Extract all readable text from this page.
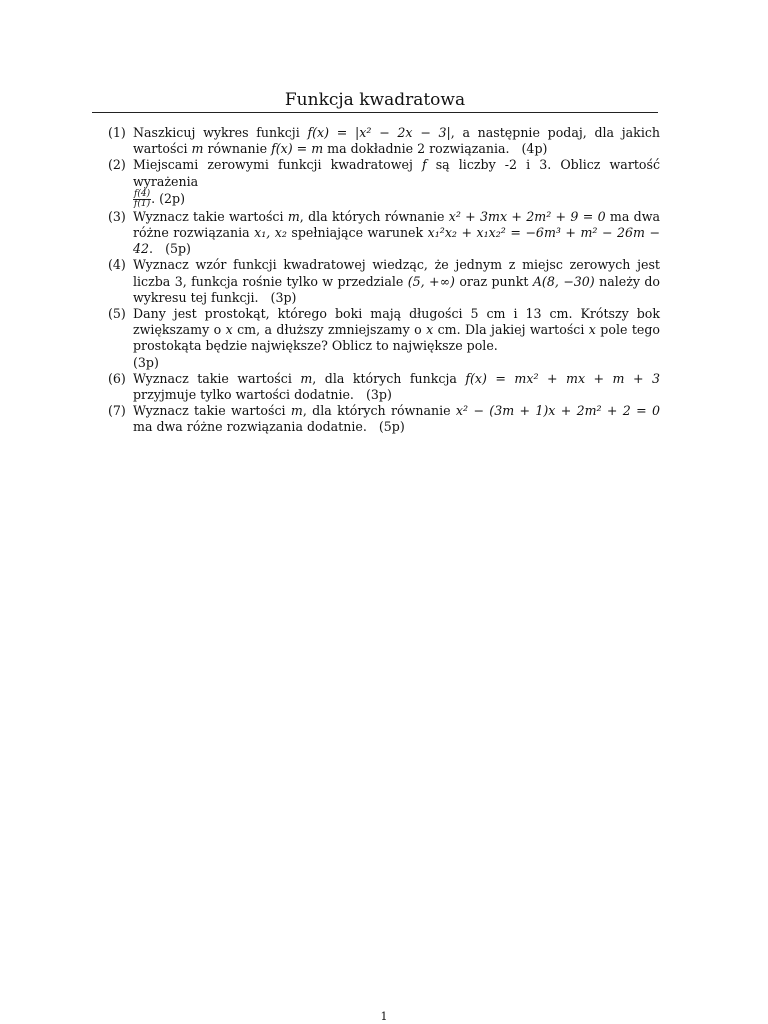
Funkcja kwadratowa
(1) Naszkicuj wykres funkcji f(x) = |x² − 2x − 3|, a następnie podaj, dla jakich wartości m równanie f(x) = m ma dokładnie 2 rozwiązania. (4p)
(2) Miejscami zerowymi funkcji kwadratowej f są liczby -2 i 3. Oblicz wartość wyrażenia

$\frac{f(4)}{f(1)}$ . (2p)
(3) Wyznacz takie wartości m, dla których równanie x² + 3mx + 2m² + 9 = 0 ma dwa różne rozwiązania x₁, x₂ spełniające warunek x₁²x₂ + x₁x₂² = −6m³ + m² − 26m − 42. (5p)
(4) Wyznacz wzór funkcji kwadratowej wiedząc, że jednym z miejsc zerowych jest liczba 3, funkcja rośnie tylko w przedziale (5, +∞) oraz punkt A(8, −30) należy do wykresu tej funkcji. (3p)
(5) Dany jest prostokąt, którego boki mają długości 5 cm i 13 cm. Krótszy bok zwiększamy o x cm, a dłuższy zmniejszamy o x cm. Dla jakiej wartości x pole tego prostokąta będzie największe? Oblicz to największe pole.
(3p)
(6) Wyznacz takie wartości m, dla których funkcja f(x) = mx² + mx + m + 3 przyjmuje tylko wartości dodatnie. (3p)
(7) Wyznacz takie wartości m, dla których równanie x² − (3m + 1)x + 2m² + 2 = 0 ma dwa różne rozwiązania dodatnie. (5p)
1
